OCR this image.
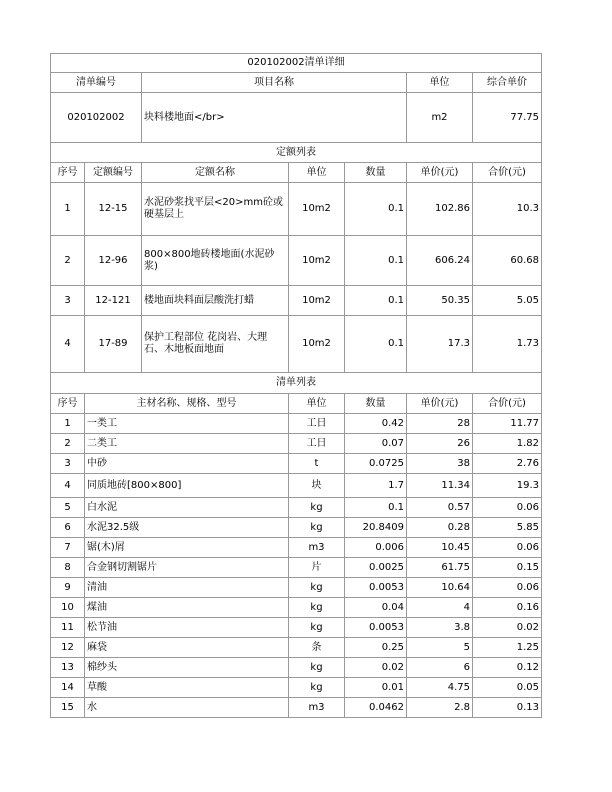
020102002清单详细						
清单编号		项目名称			单位	综合单价
020102002		块料楼地面</br>			m2	77.75
定额列表						
序号	定额编号	定额名称	单位	数量	单价(元)	合价(元)
1	12-15	水泥砂浆找平层<20>mm砼或硬基层上	10m2	0.1	102.86	10.3
2	12-96	800×800地砖楼地面(水泥砂浆)	10m2	0.1	606.24	60.68
3	12-121	楼地面块料面层酸洗打蜡	10m2	0.1	50.35	5.05
4	17-89	保护工程部位 花岗岩、大理石、木地板面地面	10m2	0.1	17.3	1.73
清单列表						
序号	主材名称、规格、型号		单位	数量	单价(元)	合价(元)
1	一类工		工日	0.42	28	11.77
2	二类工		工日	0.07	26	1.82
3	中砂		t	0.0725	38	2.76
4	同质地砖[800×800]		块	1.7	11.34	19.3
5	白水泥		kg	0.1	0.57	0.06
6	水泥32.5级		kg	20.8409	0.28	5.85
7	锯(木)屑		m3	0.006	10.45	0.06
8	合金钢切割锯片		片	0.0025	61.75	0.15
9	清油		kg	0.0053	10.64	0.06
10	煤油		kg	0.04	4	0.16
11	松节油		kg	0.0053	3.8	0.02
12	麻袋		条	0.25	5	1.25
13	棉纱头		kg	0.02	6	0.12
14	草酸		kg	0.01	4.75	0.05
15	水		m3	0.0462	2.8	0.13
